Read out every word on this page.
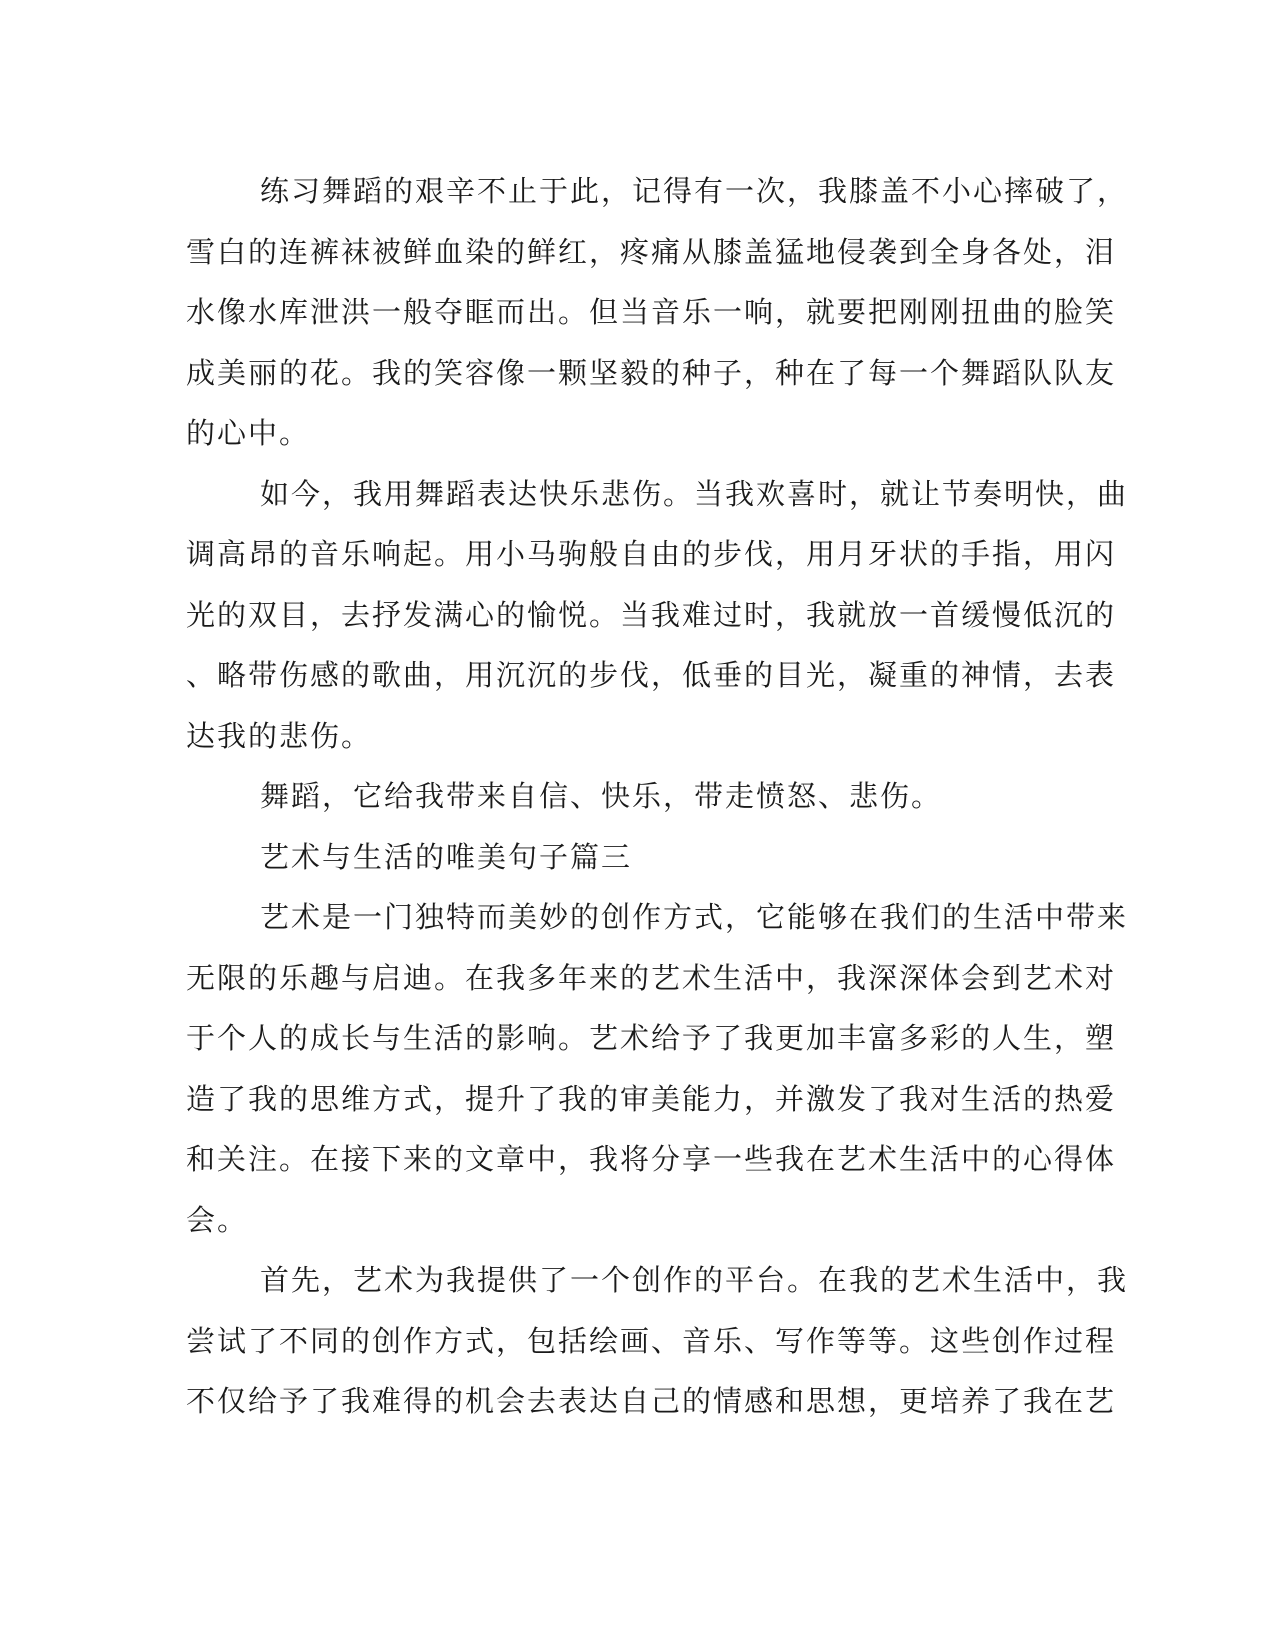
练习舞蹈的艰辛不止于此，记得有一次，我膝盖不小心摔破了，
雪白的连裤袜被鲜血染的鲜红，疼痛从膝盖猛地侵袭到全身各处，泪
水像水库泄洪一般夺眶而出。但当音乐一响，就要把刚刚扭曲的脸笑
成美丽的花。我的笑容像一颗坚毅的种子，种在了每一个舞蹈队队友
的心中。
如今，我用舞蹈表达快乐悲伤。当我欢喜时，就让节奏明快，曲
调高昂的音乐响起。用小马驹般自由的步伐，用月牙状的手指，用闪
光的双目，去抒发满心的愉悦。当我难过时，我就放一首缓慢低沉的
、略带伤感的歌曲，用沉沉的步伐，低垂的目光，凝重的神情，去表
达我的悲伤。
舞蹈，它给我带来自信、快乐，带走愤怒、悲伤。
艺术与生活的唯美句子篇三
艺术是一门独特而美妙的创作方式，它能够在我们的生活中带来
无限的乐趣与启迪。在我多年来的艺术生活中，我深深体会到艺术对
于个人的成长与生活的影响。艺术给予了我更加丰富多彩的人生，塑
造了我的思维方式，提升了我的审美能力，并激发了我对生活的热爱
和关注。在接下来的文章中，我将分享一些我在艺术生活中的心得体
会。
首先，艺术为我提供了一个创作的平台。在我的艺术生活中，我
尝试了不同的创作方式，包括绘画、音乐、写作等等。这些创作过程
不仅给予了我难得的机会去表达自己的情感和思想，更培养了我在艺
